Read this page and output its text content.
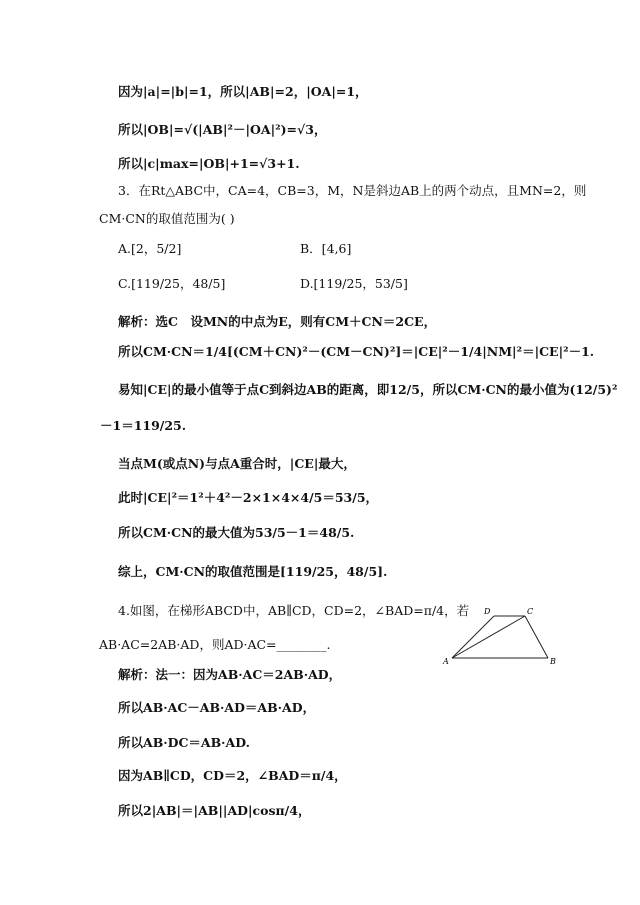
因为|a|=|b|=1，所以|AB|=2，|OA|=1，
所以|OB|=√(|AB|²－|OA|²)=√3，
所以|c|max=|OB|+1=√3+1.
3．在Rt△ABC中，CA=4，CB=3，M，N是斜边AB上的两个动点，且MN=2，则
CM·CN的取值范围为( )
A.[2，5/2]	B．[4,6]
C.[119/25，48/5]	D.[119/25，53/5]
解析：选C　设MN的中点为E，则有CM＋CN＝2CE，
所以CM·CN＝1/4[(CM＋CN)²－(CM－CN)²]＝|CE|²－1/4|NM|²＝|CE|²－1.
易知|CE|的最小值等于点C到斜边AB的距离，即12/5，所以CM·CN的最小值为(12/5)²
－1＝119/25.
当点M(或点N)与点A重合时，|CE|最大，
此时|CE|²＝1²＋4²－2×1×4×4/5＝53/5，
所以CM·CN的最大值为53/5－1＝48/5.
综上，CM·CN的取值范围是[119/25，48/5].
4.如图，在梯形ABCD中，AB∥CD，CD=2，∠BAD=π/4，若
AB·AC=2AB·AD，则AD·AC=________.
解析：法一：因为AB·AC＝2AB·AD，
所以AB·AC－AB·AD＝AB·AD，
所以AB·DC＝AB·AD.
因为AB∥CD，CD＝2，∠BAD＝π/4，
所以2|AB|＝|AB||AD|cosπ/4，
A	B
C
D
